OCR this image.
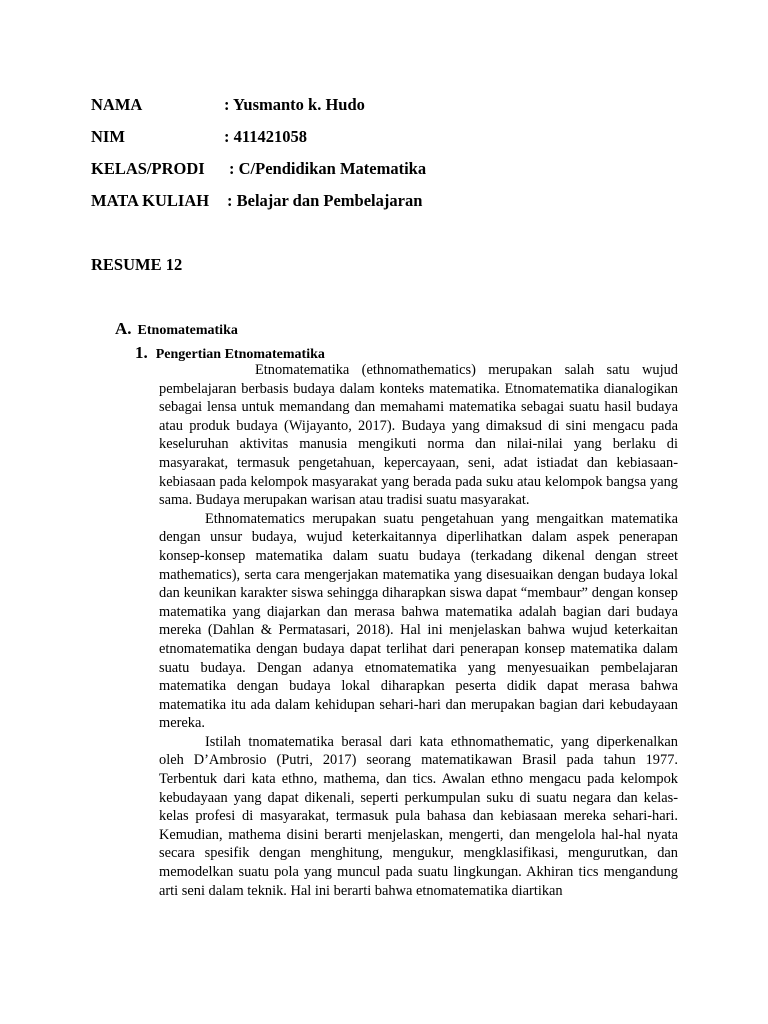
NAMA	: Yusmanto k. Hudo
NIM	: 411421058
KELAS/PRODI : C/Pendidikan Matematika
MATA KULIAH : Belajar dan Pembelajaran
RESUME 12
A. Etnomatematika
1. Pengertian Etnomatematika

Etnomatematika (ethnomathematics) merupakan salah satu wujud pembelajaran berbasis budaya dalam konteks matematika. Etnomatematika dianalogikan sebagai lensa untuk memandang dan memahami matematika sebagai suatu hasil budaya atau produk budaya (Wijayanto, 2017). Budaya yang dimaksud di sini mengacu pada keseluruhan aktivitas manusia mengikuti norma dan nilai-nilai yang berlaku di masyarakat, termasuk pengetahuan, kepercayaan, seni, adat istiadat dan kebiasaan-kebiasaan pada kelompok masyarakat yang berada pada suku atau kelompok bangsa yang sama. Budaya merupakan warisan atau tradisi suatu masyarakat.

Ethnomatematics merupakan suatu pengetahuan yang mengaitkan matematika dengan unsur budaya, wujud keterkaitannya diperlihatkan dalam aspek penerapan konsep-konsep matematika dalam suatu budaya (terkadang dikenal dengan street mathematics), serta cara mengerjakan matematika yang disesuaikan dengan budaya lokal dan keunikan karakter siswa sehingga diharapkan siswa dapat “membaur” dengan konsep matematika yang diajarkan dan merasa bahwa matematika adalah bagian dari budaya mereka (Dahlan & Permatasari, 2018). Hal ini menjelaskan bahwa wujud keterkaitan etnomatematika dengan budaya dapat terlihat dari penerapan konsep matematika dalam suatu budaya. Dengan adanya etnomatematika yang menyesuaikan pembelajaran matematika dengan budaya lokal diharapkan peserta didik dapat merasa bahwa matematika itu ada dalam kehidupan sehari-hari dan merupakan bagian dari kebudayaan mereka.

Istilah tnomatematika berasal dari kata ethnomathematic, yang diperkenalkan oleh D’Ambrosio (Putri, 2017) seorang matematikawan Brasil pada tahun 1977. Terbentuk dari kata ethno, mathema, dan tics. Awalan ethno mengacu pada kelompok kebudayaan yang dapat dikenali, seperti perkumpulan suku di suatu negara dan kelas-kelas profesi di masyarakat, termasuk pula bahasa dan kebiasaan mereka sehari-hari. Kemudian, mathema disini berarti menjelaskan, mengerti, dan mengelola hal-hal nyata secara spesifik dengan menghitung, mengukur, mengklasifikasi, mengurutkan, dan memodelkan suatu pola yang muncul pada suatu lingkungan. Akhiran tics mengandung arti seni dalam teknik. Hal ini berarti bahwa etnomatematika diartikan
